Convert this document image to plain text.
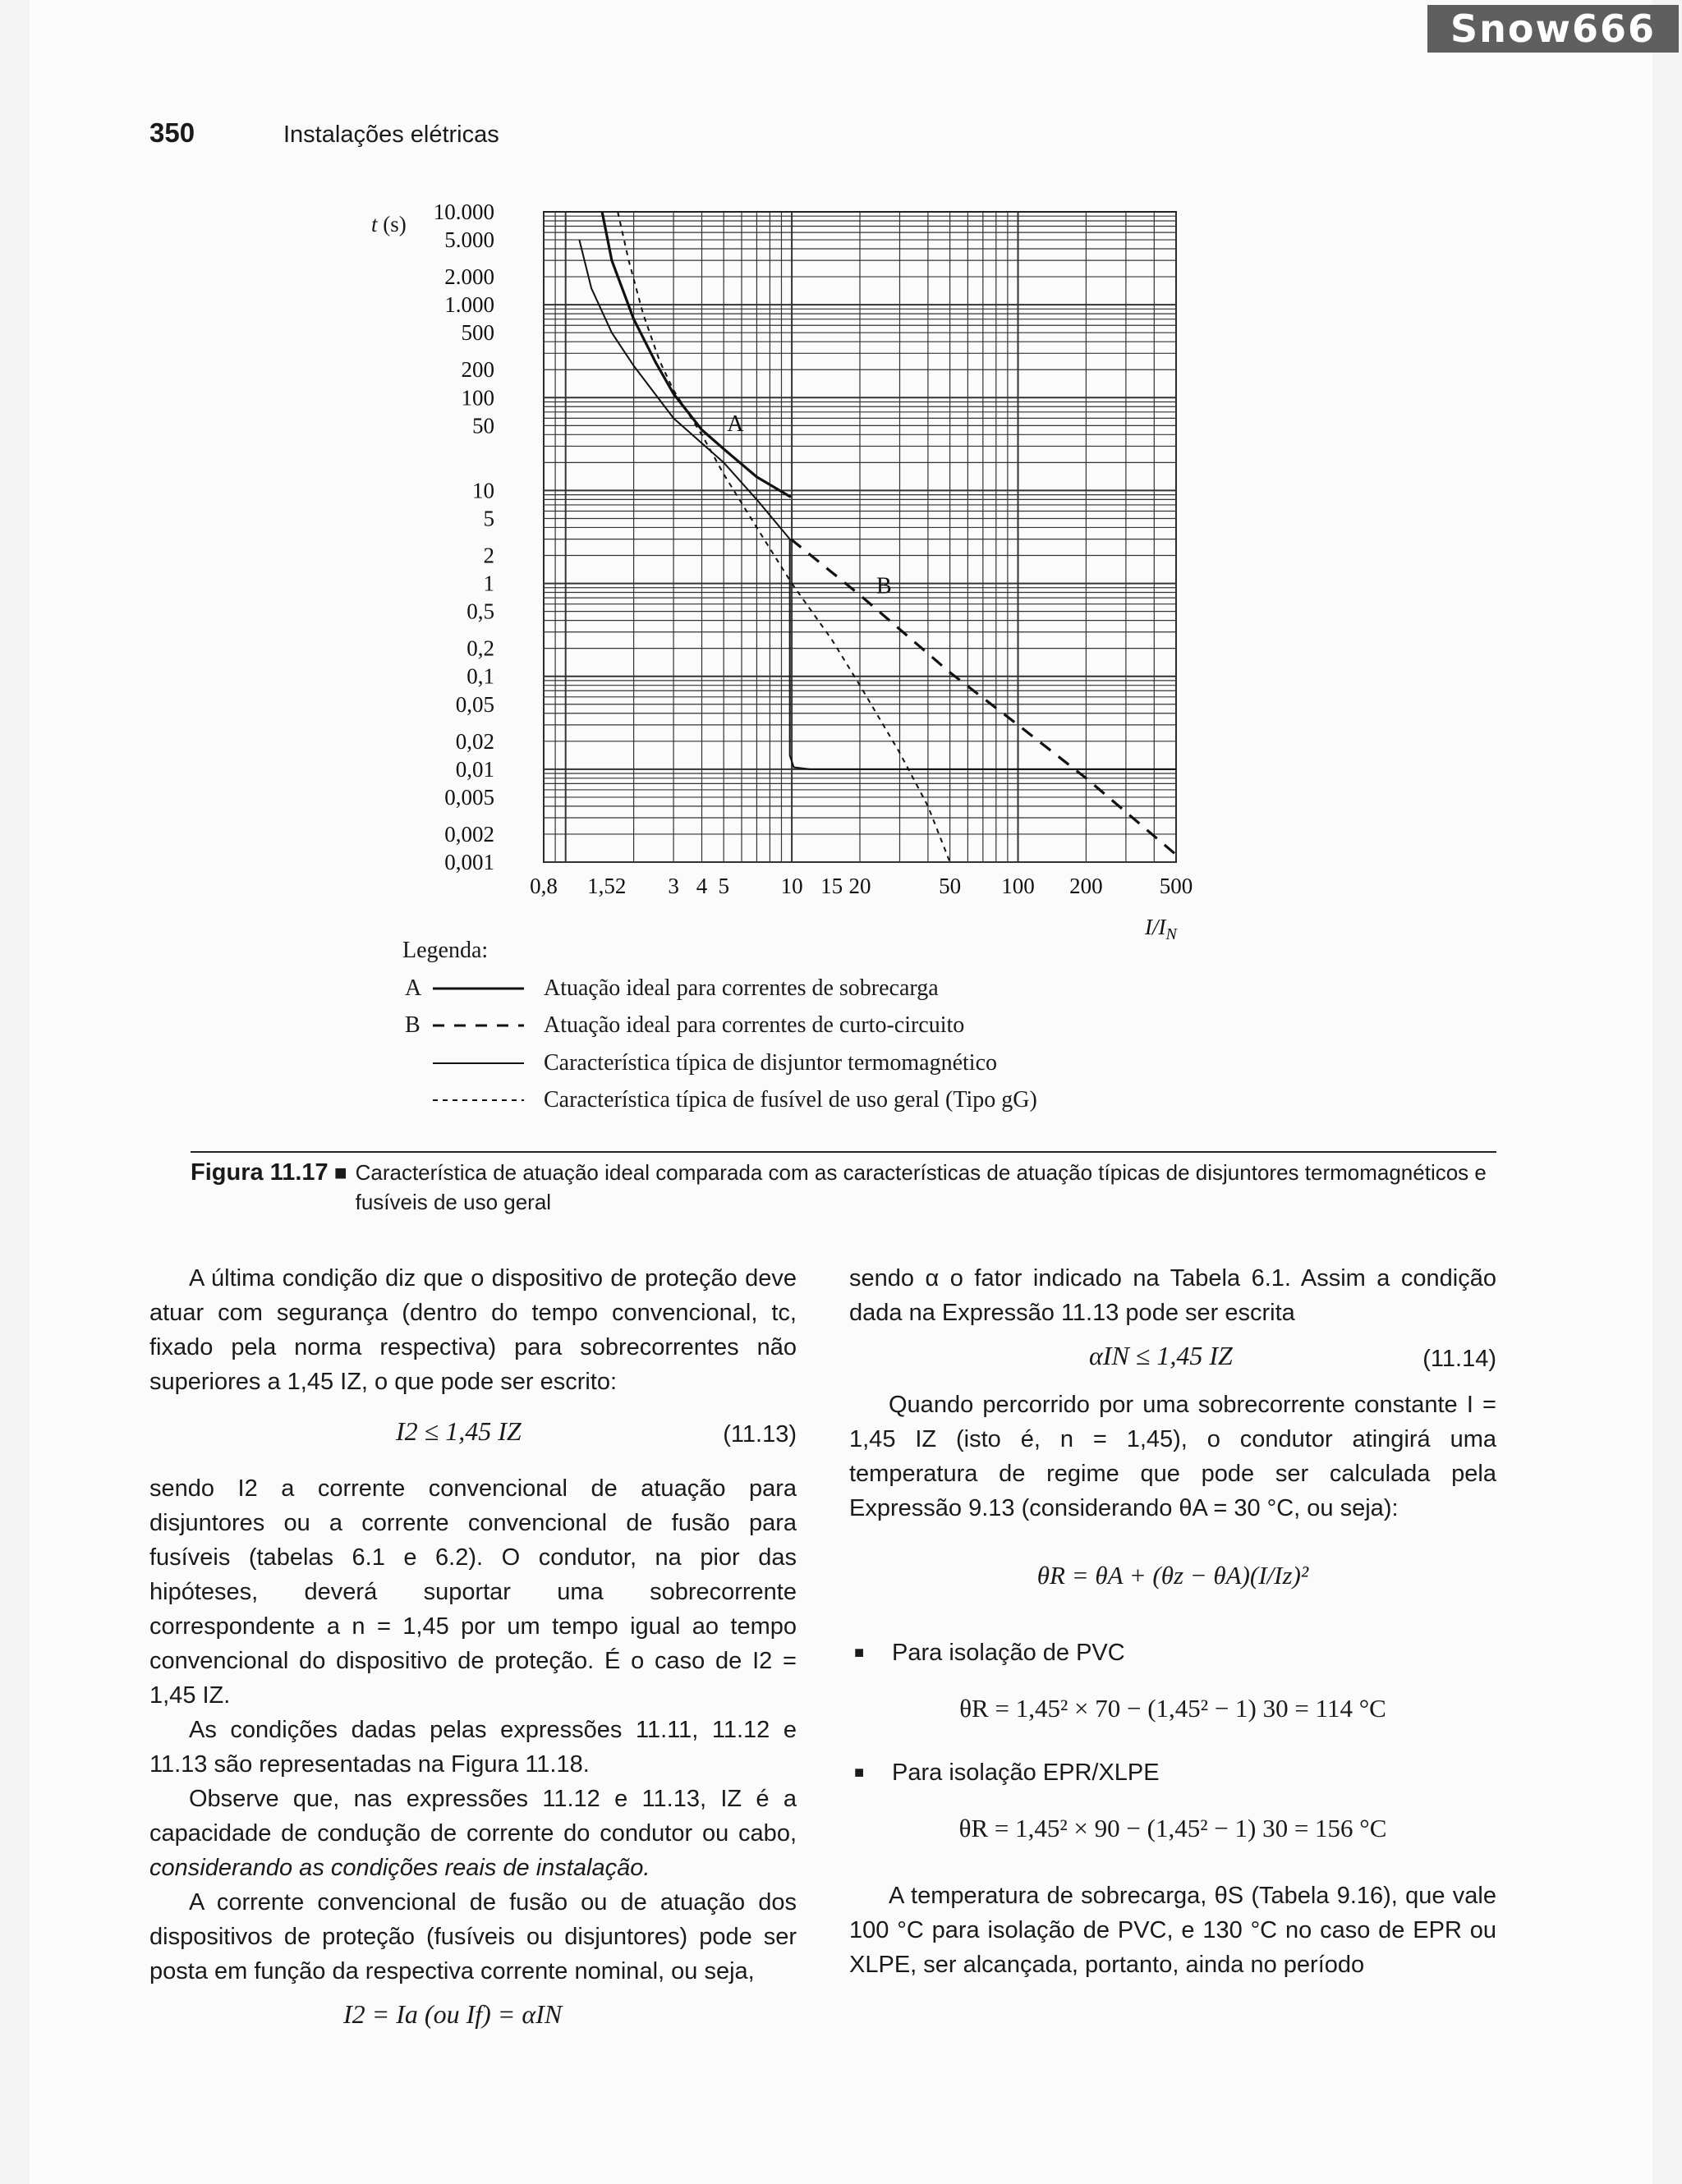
Snow666
350	Instalações elétricas
t (s) 10.000
5.000
2.000
1.000
500
200
100
50
10
5
2
1
0,5
0,2
0,1
0,05
0,02
0,01
0,005
0,002
0,001
0,8 1,52 3 4 5 10 15 20	50 100 200	500
$I/I_N$
A
B
Legenda:
A
B
Atuação ideal para correntes de sobrecarga
Atuação ideal para correntes de curto-circuito
Característica típica de disjuntor termomagnético
Característica típica de fusível de uso geral (Tipo gG)
Figura 11.17 ■ Característica de atuação ideal comparada com as características de atuação típicas de disjuntores termomagnéticos e fusíveis de uso geral

A última condição diz que o dispositivo de proteção deve atuar com segurança (dentro do tempo convencional, tc, fixado pela norma respectiva) para sobrecorrentes não superiores a 1,45 IZ, o que pode ser escrito:

I2 ≤ 1,45 IZ	(11.13)

sendo I2 a corrente convencional de atuação para disjuntores ou a corrente convencional de fusão para fusíveis (tabelas 6.1 e 6.2). O condutor, na pior das hipóteses, deverá suportar uma sobrecorrente correspondente a n = 1,45 por um tempo igual ao tempo convencional do dispositivo de proteção. É o caso de I2 = 1,45 IZ.

As condições dadas pelas expressões 11.11, 11.12 e 11.13 são representadas na Figura 11.18.

Observe que, nas expressões 11.12 e 11.13, IZ é a capacidade de condução de corrente do condutor ou cabo, considerando as condições reais de instalação.

A corrente convencional de fusão ou de atuação dos dispositivos de proteção (fusíveis ou disjuntores) pode ser posta em função da respectiva corrente nominal, ou seja,

I2 = Ia (ou If) = αIN

sendo α o fator indicado na Tabela 6.1. Assim a condição dada na Expressão 11.13 pode ser escrita

αIN ≤ 1,45 IZ	(11.14)

Quando percorrido por uma sobrecorrente constante I = 1,45 IZ (isto é, n = 1,45), o condutor atingirá uma temperatura de regime que pode ser calculada pela Expressão 9.13 (considerando θA = 30 °C, ou seja):

θR = θA + (θz − θA)(I/Iz)²

■ Para isolação de PVC

θR = 1,45² × 70 − (1,45² − 1) 30 = 114 °C

■ Para isolação EPR/XLPE

θR = 1,45² × 90 − (1,45² − 1) 30 = 156 °C

A temperatura de sobrecarga, θS (Tabela 9.16), que vale 100 °C para isolação de PVC, e 130 °C no caso de EPR ou XLPE, ser alcançada, portanto, ainda no período
